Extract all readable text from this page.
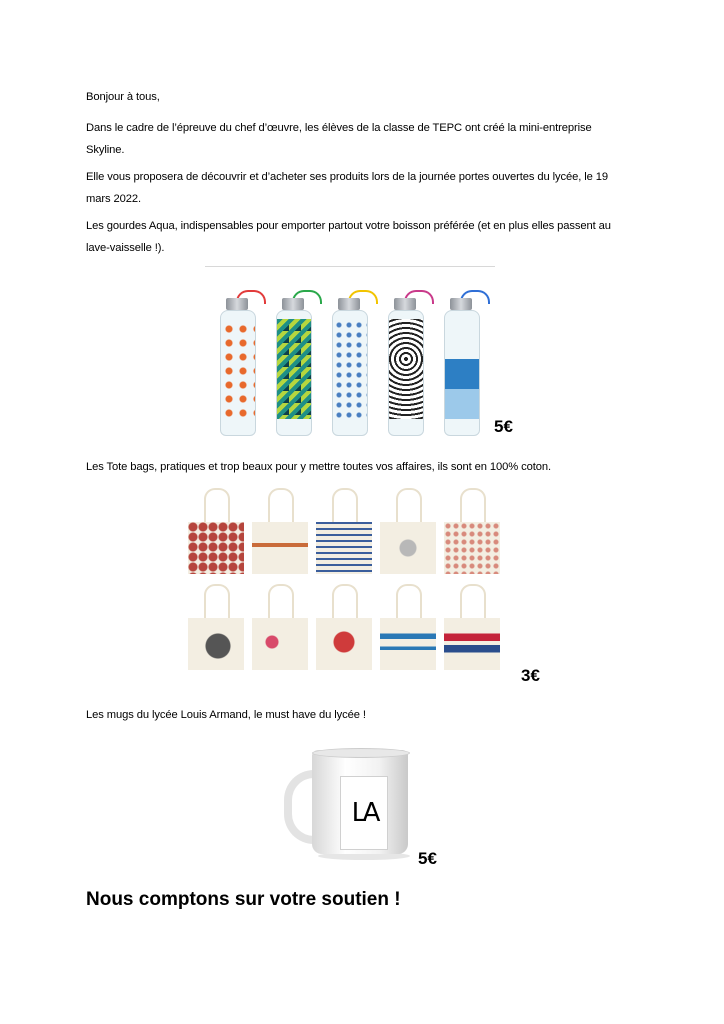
Bonjour à tous,
Dans le cadre de l’épreuve du chef d’œuvre, les élèves de la classe de TEPC ont créé la mini-entreprise Skyline.
Elle vous proposera de découvrir et d’acheter ses produits lors de la journée portes ouvertes du lycée, le 19 mars 2022.
Les gourdes Aqua, indispensables pour emporter partout votre boisson préférée (et en plus elles passent au lave-vaisselle !).
5€
Les Tote bags, pratiques et trop beaux pour y mettre toutes vos affaires, ils sont en 100% coton.
3€
Les mugs du lycée Louis Armand, le must have du lycée !
LA
5€
Nous comptons sur votre soutien !
